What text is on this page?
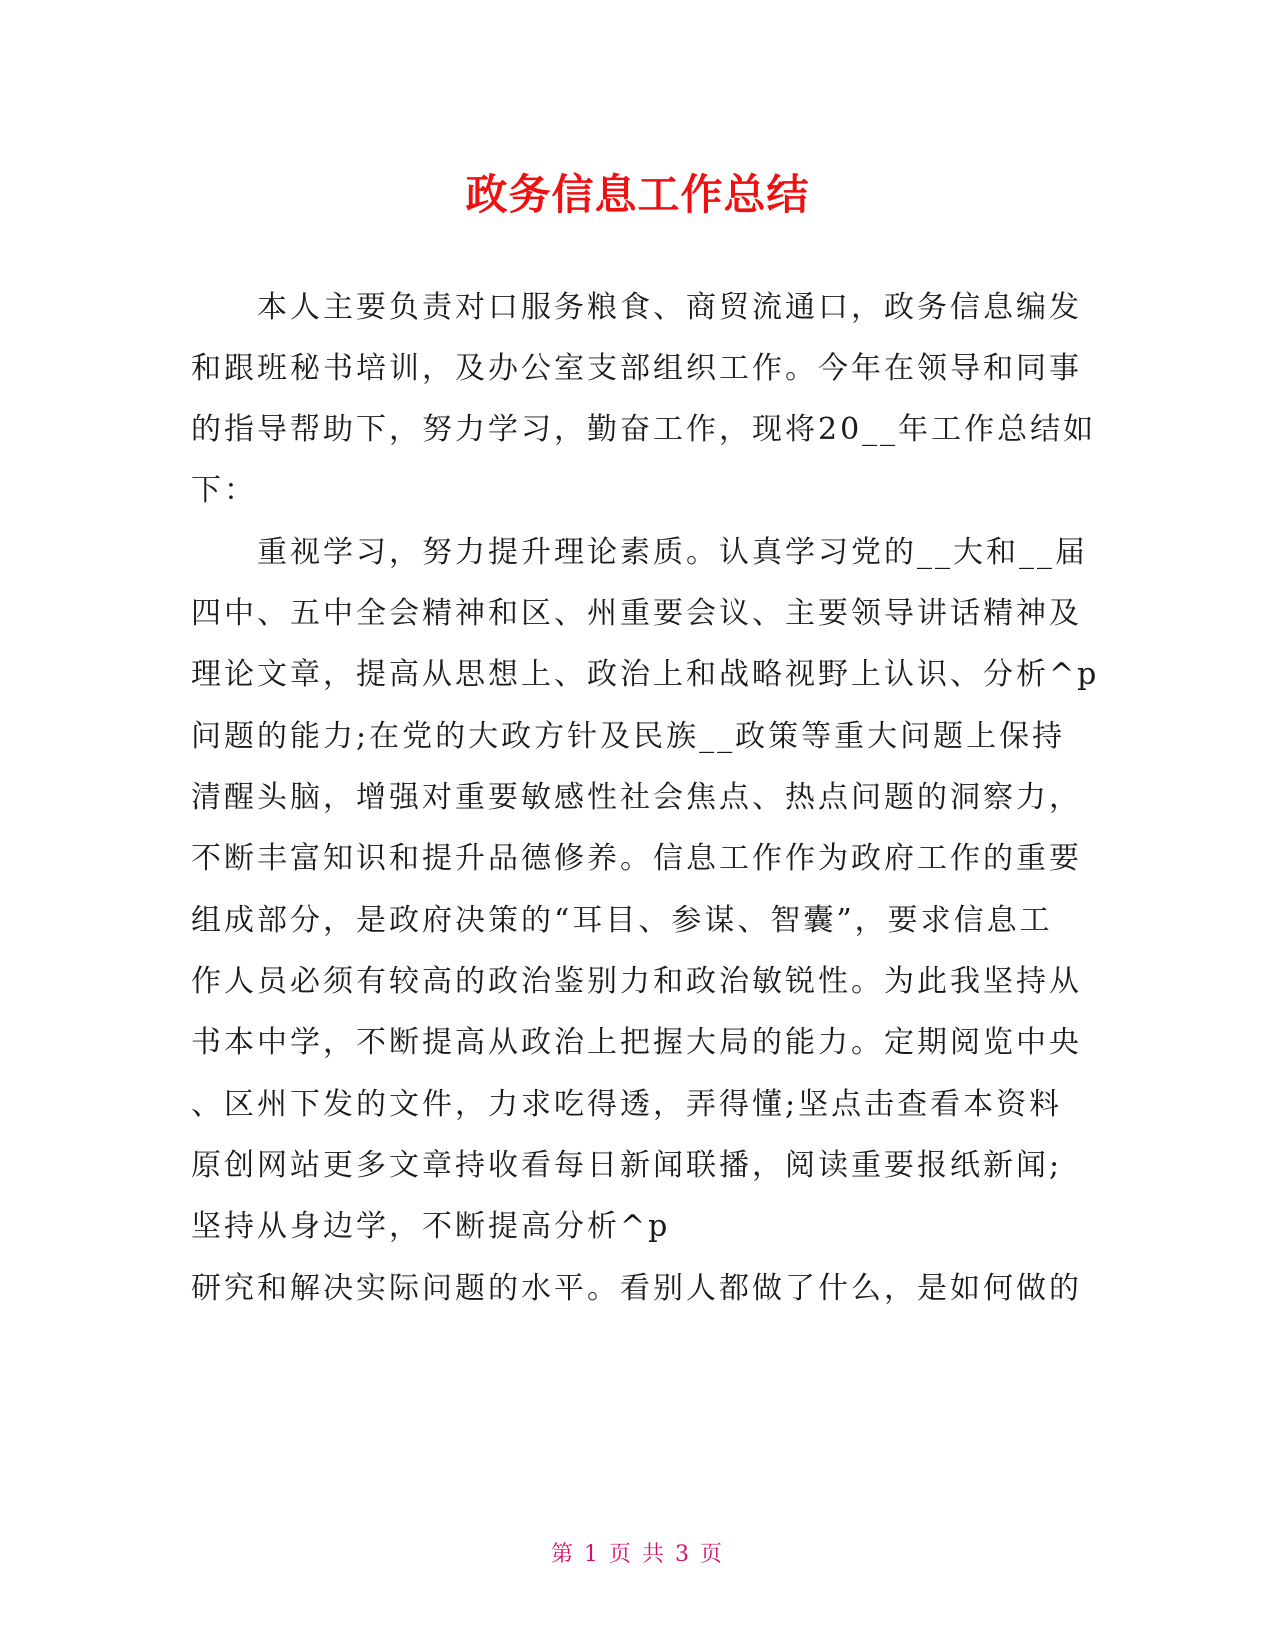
政务信息工作总结

　　本人主要负责对口服务粮食、商贸流通口，政务信息编发

和跟班秘书培训，及办公室支部组织工作。今年在领导和同事

的指导帮助下，努力学习，勤奋工作，现将20__年工作总结如

下：

　　重视学习，努力提升理论素质。认真学习党的__大和__届

四中、五中全会精神和区、州重要会议、主要领导讲话精神及

理论文章，提高从思想上、政治上和战略视野上认识、分析^p

问题的能力;在党的大政方针及民族__政策等重大问题上保持

清醒头脑，增强对重要敏感性社会焦点、热点问题的洞察力，

不断丰富知识和提升品德修养。信息工作作为政府工作的重要

组成部分，是政府决策的“耳目、参谋、智囊”，要求信息工

作人员必须有较高的政治鉴别力和政治敏锐性。为此我坚持从

书本中学，不断提高从政治上把握大局的能力。定期阅览中央

、区州下发的文件，力求吃得透，弄得懂;坚点击查看本资料

原创网站更多文章持收看每日新闻联播，阅读重要报纸新闻;

坚持从身边学，不断提高分析^p

研究和解决实际问题的水平。看别人都做了什么，是如何做的

第 1 页 共 3 页
